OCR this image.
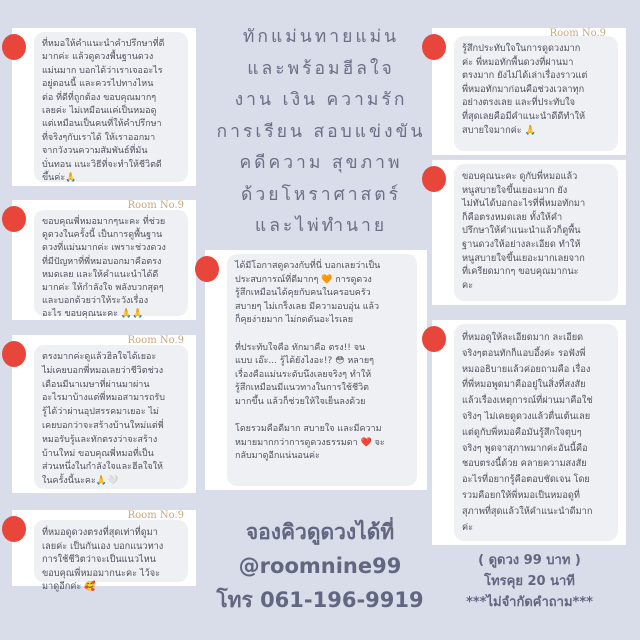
ทักแม่นทายแม่น
และพร้อมฮีลใจ
งาน เงิน ความรัก
การเรียน สอบแข่งขัน
คดีความ สุขภาพ
ด้วยโหราศาสตร์
และไพ่ทำนาย
ที่หมอให้คำแนะนำคำปรึกษาที่ดี
มากค่ะ แล้วดูดวงพื้นฐานดวง
แม่นมาก บอกได้ว่าเราเจออะไร
อยู่ตอนนี้ และควรไปทางไหน
ต่อ ที่ดีที่ถูกต้อง ขอบคุณมากๆ
เลยค่ะ ไม่เหมือนแค่เป็นหมอดู
แต่เหมือนเป็นคนที่ให้คำปรึกษา
ที่จริงๆกับเราได้ ให้เราออกมา
จากวังวนความสัมพันธ์ที่มัน
บั่นทอน แนะวิธีที่จะทำให้ชีวิตดี
ขึ้นค่ะ🙏
ขอบคุณพี่หมอมากๆนะคะ ที่ช่วย
ดูดวงในครั้งนี้ เป็นการดูพื้นฐาน
ดวงที่แม่นมากค่ะ เพราะช่วงดวง
ที่มีปัญหาที่พี่หมอบอกมาคือตรง
หมดเลย และให้คำแนะนำได้ดี
มากค่ะ ให้กำลังใจ พลังบวกสุดๆ
และบอกด้วยว่าให้ระวังเรื่อง
อะไร ขอบคุณนะคะ 🙏🙏
Room No.9
ตรงมากค่ะดูแล้วฮิลใจได้เยอะ
ไม่เคยบอกพี่หมอเลยว่าชีวิตช่วง
เดือนมีนาเมษาที่ผ่านมาผ่าน
อะไรมาบ้างแต่พี่หมอสามารถรับ
รู้ได้ว่าผ่านอุปสรรคมาเยอะ ไม่
เคยบอกว่าจะสร้างบ้านใหม่แต่พี่
หมอรับรู้และทักตรงว่าจะสร้าง
บ้านใหม่ ขอบคุณพี่หมอที่เป็น
ส่วนหนึ่งในกำลังใจและฮีลใจให้
ในครั้งนี้นะคะ🙏🤍
Room No.9
ที่หมอดูดวงตรงที่สุดเท่าที่ดูมา
เลยค่ะ เป็นกันเอง บอกแนวทาง
การใช้ชีวิตว่าจะเป็นแนวไหน
ขอบคุณพี่หมอมากนะคะ ไว้จะ
มาดูอีกค่ะ 🥰
Room No.9
ได้มีโอกาสดูดวงกับที่นี่ บอกเลยว่าเป็น
ประสบการณ์ที่ดีมากๆ 🧡 การดูดวง
รู้สึกเหมือนได้คุยกับคนในครอบครัว
สบายๆ ไม่เกร็งเลย มีความอบอุ่น แล้ว
ก็คุยง่ายมาก ไม่กดดันอะไรเลย

ที่ประทับใจคือ ทักมาคือ ตรง!! จน
แบบ เอ๊ะ... รู้ได้ยังไงอะ!? 😳 หลายๆ
เรื่องคือแม่นระดับนึงเลยจริงๆ ทำให้
รู้สึกเหมือนมีแนวทางในการใช้ชีวิต
มากขึ้น แล้วก็ช่วยให้ใจเย็นลงด้วย

โดยรวมคือดีมาก สบายใจ และมีความ
หมายมากกว่าการดูดวงธรรมดา ❤️ จะ
กลับมาดูอีกแน่นอนค่ะ
จองคิวดูดวงได้ที่
@roomnine99
โทร 061-196-9919
รู้สึกประทับใจในการดูดวงมาก
ค่ะ พี่หมอทักพื้นดวงที่ผ่านมา
ตรงมาก ยังไม่ได้เล่าเรื่องราวแต่
พี่หมอทักมาก่อนคือช่วงเวลาทุก
อย่างตรงเลย และที่ประทับใจ
ที่สุดเลยคือมีคำแนะนำดีดีทำให้
สบายใจมากค่ะ 🙏
Room No.9
ขอบคุณนะคะ ดูกับพี่หมอแล้ว
หนูสบายใจขึ้นเยอะมาก ยัง
ไม่ทันได้บอกอะไรที่พี่หมอทักมา
ก็คือตรงหมดเลย ทั้งให้คำ
ปรึกษาให้คำแนะนำแล้วก็ดูพื้น
ฐานดวงให้อย่างละเอียด ทำให้
หนูสบายใจขึ้นเยอะมากเลยจาก
ที่เครียดมากๆ ขอบคุณมากนะ
คะ
ที่หมอดูให้ละเอียดมาก ละเอียด
จริงๆตอนทักก็แอบอึ้งค่ะ รอฟังพี่
หมออธิบายแล้วค่อยถามคือ เรื่อง
ที่พี่หมอพูดมาคืออยู่ในสิ่งที่สงสัย
แล้วเรื่องเหตุการณ์ที่ผ่านมาคือใช่
จริงๆ ไม่เคยดูดวงแล้วตื่นเต้นเลย
แต่ดูกับพี่หมอคือมันรู้สึกใจตุบๆ
จริงๆ พูดจาสุภาพมากค่ะอันนี้คือ
ชอบตรงนี้ด้วย คลายความสงสัย
อะไรที่อยากรู้คือตอบชัดเจน โดย
รวมคือยกให้พี่หมอเป็นหมอดูที่
สุภาพที่สุดแล้วให้คำแนะนำดีมาก
ค่ะ
( ดูดวง 99 บาท )
โทรคุย 20 นาที
***ไม่จำกัดคำถาม***
